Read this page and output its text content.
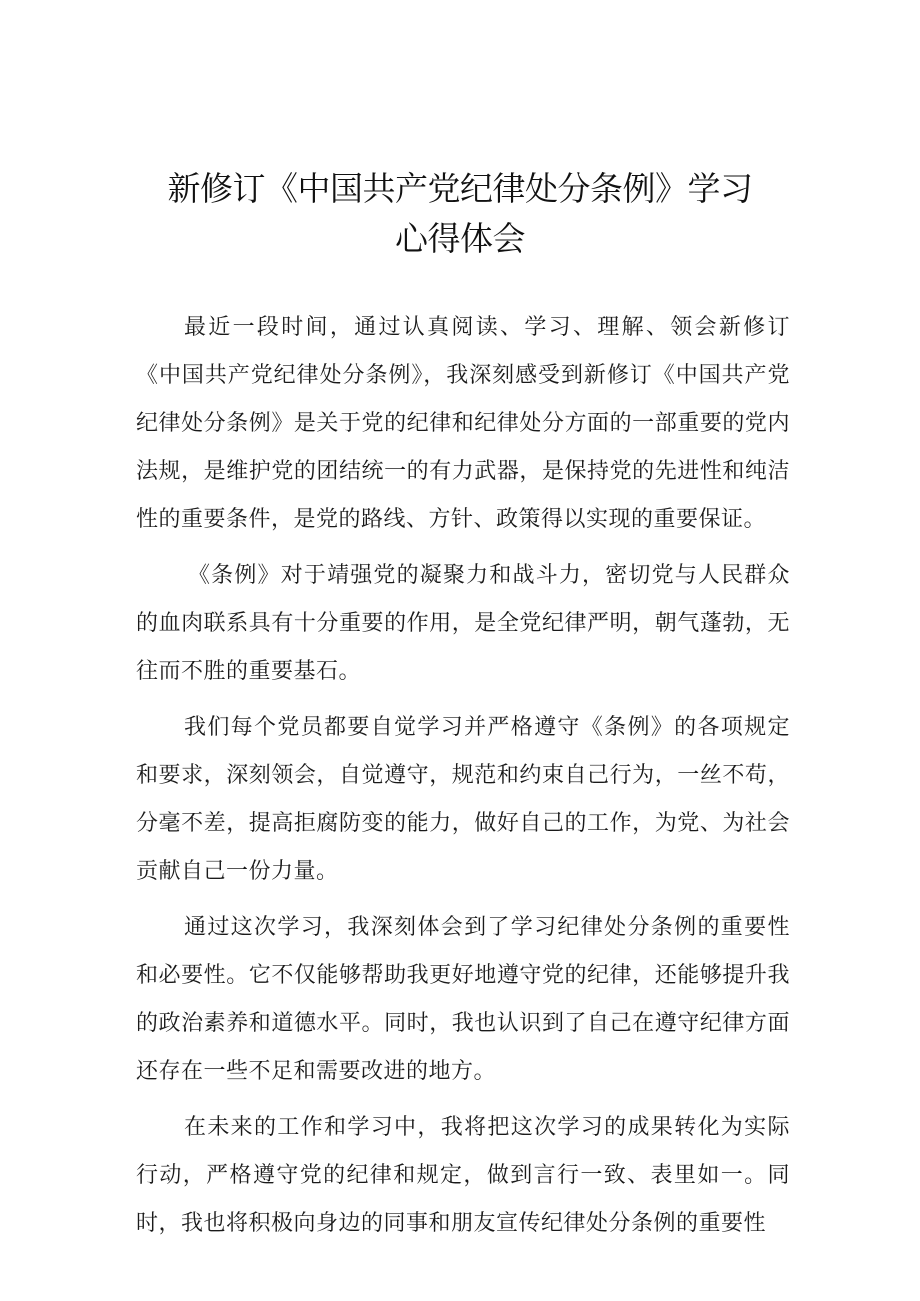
新修订《中国共产党纪律处分条例》学习
心得体会

最近一段时间，通过认真阅读、学习、理解、领会新修订《中国共产党纪律处分条例》，我深刻感受到新修订《中国共产党纪律处分条例》是关于党的纪律和纪律处分方面的一部重要的党内法规，是维护党的团结统一的有力武器，是保持党的先进性和纯洁性的重要条件，是党的路线、方针、政策得以实现的重要保证。

《条例》对于靖强党的凝聚力和战斗力，密切党与人民群众的血肉联系具有十分重要的作用，是全党纪律严明，朝气蓬勃，无往而不胜的重要基石。

我们每个党员都要自觉学习并严格遵守《条例》的各项规定和要求，深刻领会，自觉遵守，规范和约束自己行为，一丝不苟，分毫不差，提高拒腐防变的能力，做好自己的工作，为党、为社会贡献自己一份力量。

通过这次学习，我深刻体会到了学习纪律处分条例的重要性和必要性。它不仅能够帮助我更好地遵守党的纪律，还能够提升我的政治素养和道德水平。同时，我也认识到了自己在遵守纪律方面还存在一些不足和需要改进的地方。

在未来的工作和学习中，我将把这次学习的成果转化为实际行动，严格遵守党的纪律和规定，做到言行一致、表里如一。同时，我也将积极向身边的同事和朋友宣传纪律处分条例的重要性
